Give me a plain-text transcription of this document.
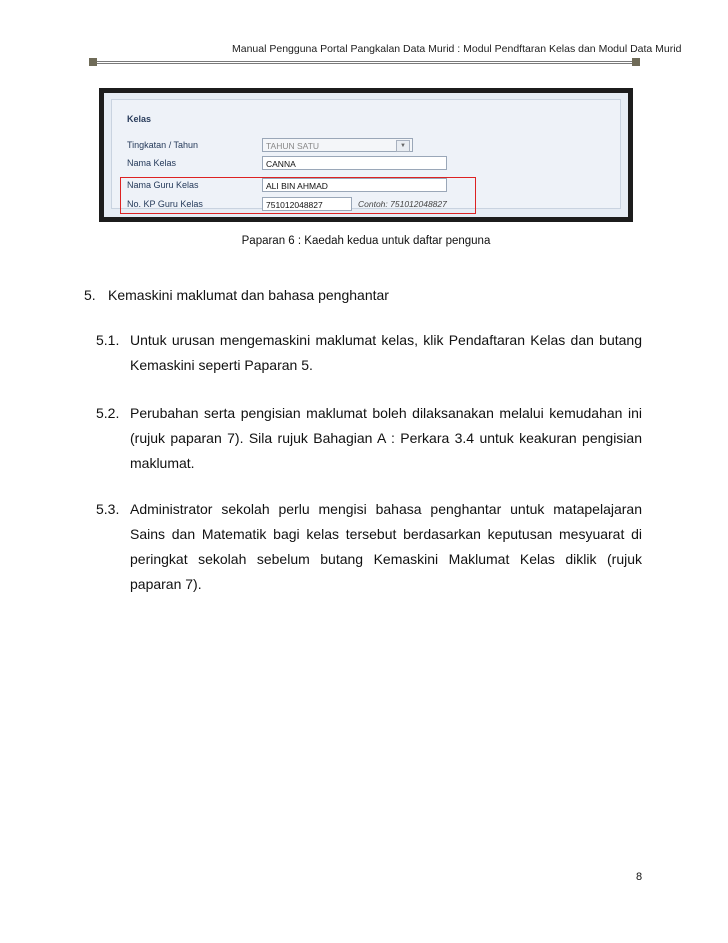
Manual Pengguna Portal Pangkalan Data Murid : Modul Pendftaran Kelas dan Modul Data Murid
Kelas
Tingkatan / Tahun	TAHUN SATU	▼
Nama Kelas	CANNA
Nama Guru Kelas	ALI BIN AHMAD
No. KP Guru Kelas	751012048827	Contoh: 751012048827
Paparan 6 : Kaedah kedua untuk daftar penguna
5. Kemaskini maklumat dan bahasa penghantar
5.1. Untuk urusan mengemaskini maklumat kelas, klik Pendaftaran Kelas dan butang Kemaskini seperti Paparan 5.
5.2. Perubahan serta pengisian maklumat boleh dilaksanakan melalui kemudahan ini (rujuk paparan 7). Sila rujuk Bahagian A : Perkara 3.4 untuk keakuran pengisian maklumat.
5.3. Administrator sekolah perlu mengisi bahasa penghantar untuk matapelajaran Sains dan Matematik bagi kelas tersebut berdasarkan keputusan mesyuarat di peringkat sekolah sebelum butang Kemaskini Maklumat Kelas diklik (rujuk paparan 7).
8
